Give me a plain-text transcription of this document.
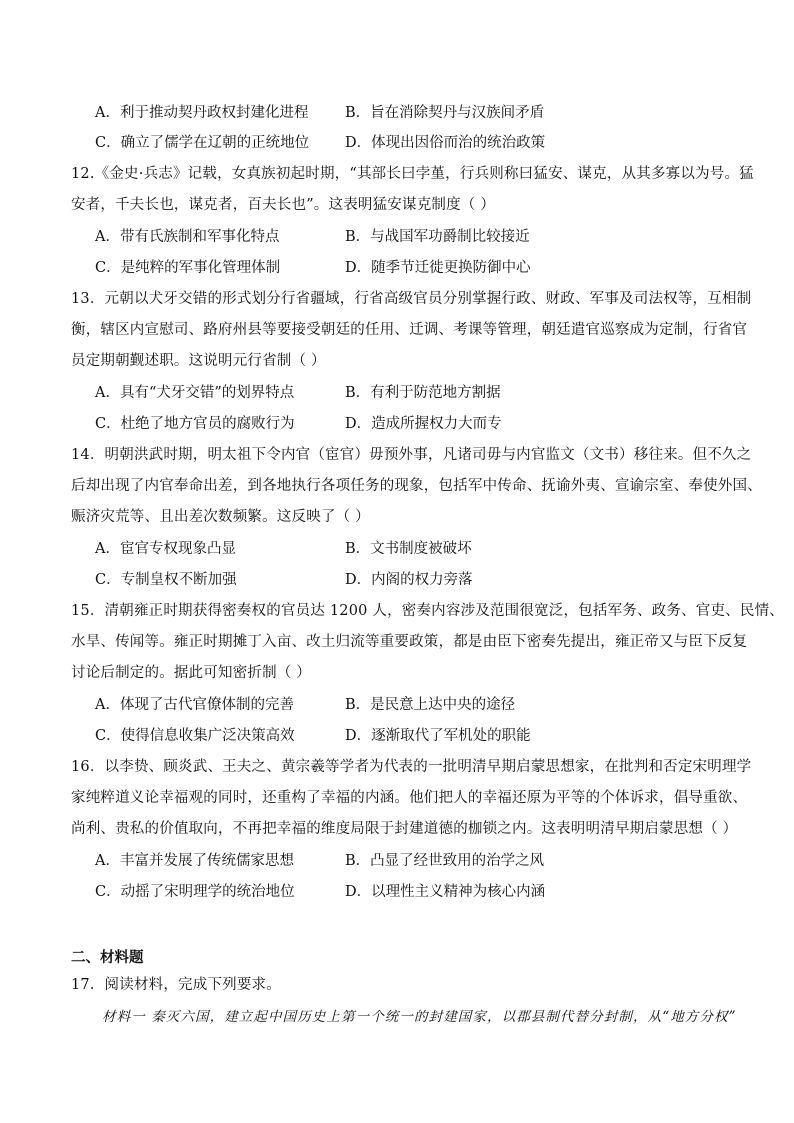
A．利于推动契丹政权封建化进程	B．旨在消除契丹与汉族间矛盾
C．确立了儒学在辽朝的正统地位 D．体现出因俗而治的统治政策
12.《金史·兵志》记载，女真族初起时期，“其部长曰孛堇，行兵则称曰猛安、谋克，从其多寡以为号。猛
安者，千夫长也，谋克者，百夫长也”。这表明猛安谋克制度（ ）
A．带有氏族制和军事化特点	B．与战国军功爵制比较接近
C．是纯粹的军事化管理体制	D．随季节迁徙更换防御中心
13．元朝以犬牙交错的形式划分行省疆域，行省高级官员分别掌握行政、财政、军事及司法权等，互相制
衡，辖区内宣慰司、路府州县等要接受朝廷的任用、迁调、考课等管理，朝廷遣官巡察成为定制，行省官
员定期朝觐述职。这说明元行省制（ ）
A．具有“犬牙交错”的划界特点	B．有利于防范地方割据
C．杜绝了地方官员的腐败行为	D．造成所握权力大而专
14．明朝洪武时期，明太祖下令内官（宦官）毋预外事，凡诸司毋与内官监文（文书）移往来。但不久之
后却出现了内官奉命出差，到各地执行各项任务的现象，包括军中传命、抚谕外夷、宣谕宗室、奉使外国、
赈济灾荒等、且出差次数频繁。这反映了（ ）
A．宦官专权现象凸显	B．文书制度被破坏
C．专制皇权不断加强	D．内阁的权力旁落
15．清朝雍正时期获得密奏权的官员达 1200 人，密奏内容涉及范围很宽泛，包括军务、政务、官吏、民情、
水旱、传闻等。雍正时期摊丁入亩、改土归流等重要政策，都是由臣下密奏先提出，雍正帝又与臣下反复
讨论后制定的。据此可知密折制（ ）
A．体现了古代官僚体制的完善	B．是民意上达中央的途径
C．使得信息收集广泛决策高效	D．逐渐取代了军机处的职能
16．以李贽、顾炎武、王夫之、黄宗羲等学者为代表的一批明清早期启蒙思想家，在批判和否定宋明理学
家纯粹道义论幸福观的同时，还重构了幸福的内涵。他们把人的幸福还原为平等的个体诉求，倡导重欲、
尚利、贵私的价值取向，不再把幸福的维度局限于封建道德的枷锁之内。这表明明清早期启蒙思想（ ）
A．丰富并发展了传统儒家思想	B．凸显了经世致用的治学之风
C．动摇了宋明理学的统治地位	D．以理性主义精神为核心内涵
二、材料题
17．阅读材料，完成下列要求。
材料一 秦灭六国，建立起中国历史上第一个统一的封建国家，以郡县制代替分封制，从“地方分权”
